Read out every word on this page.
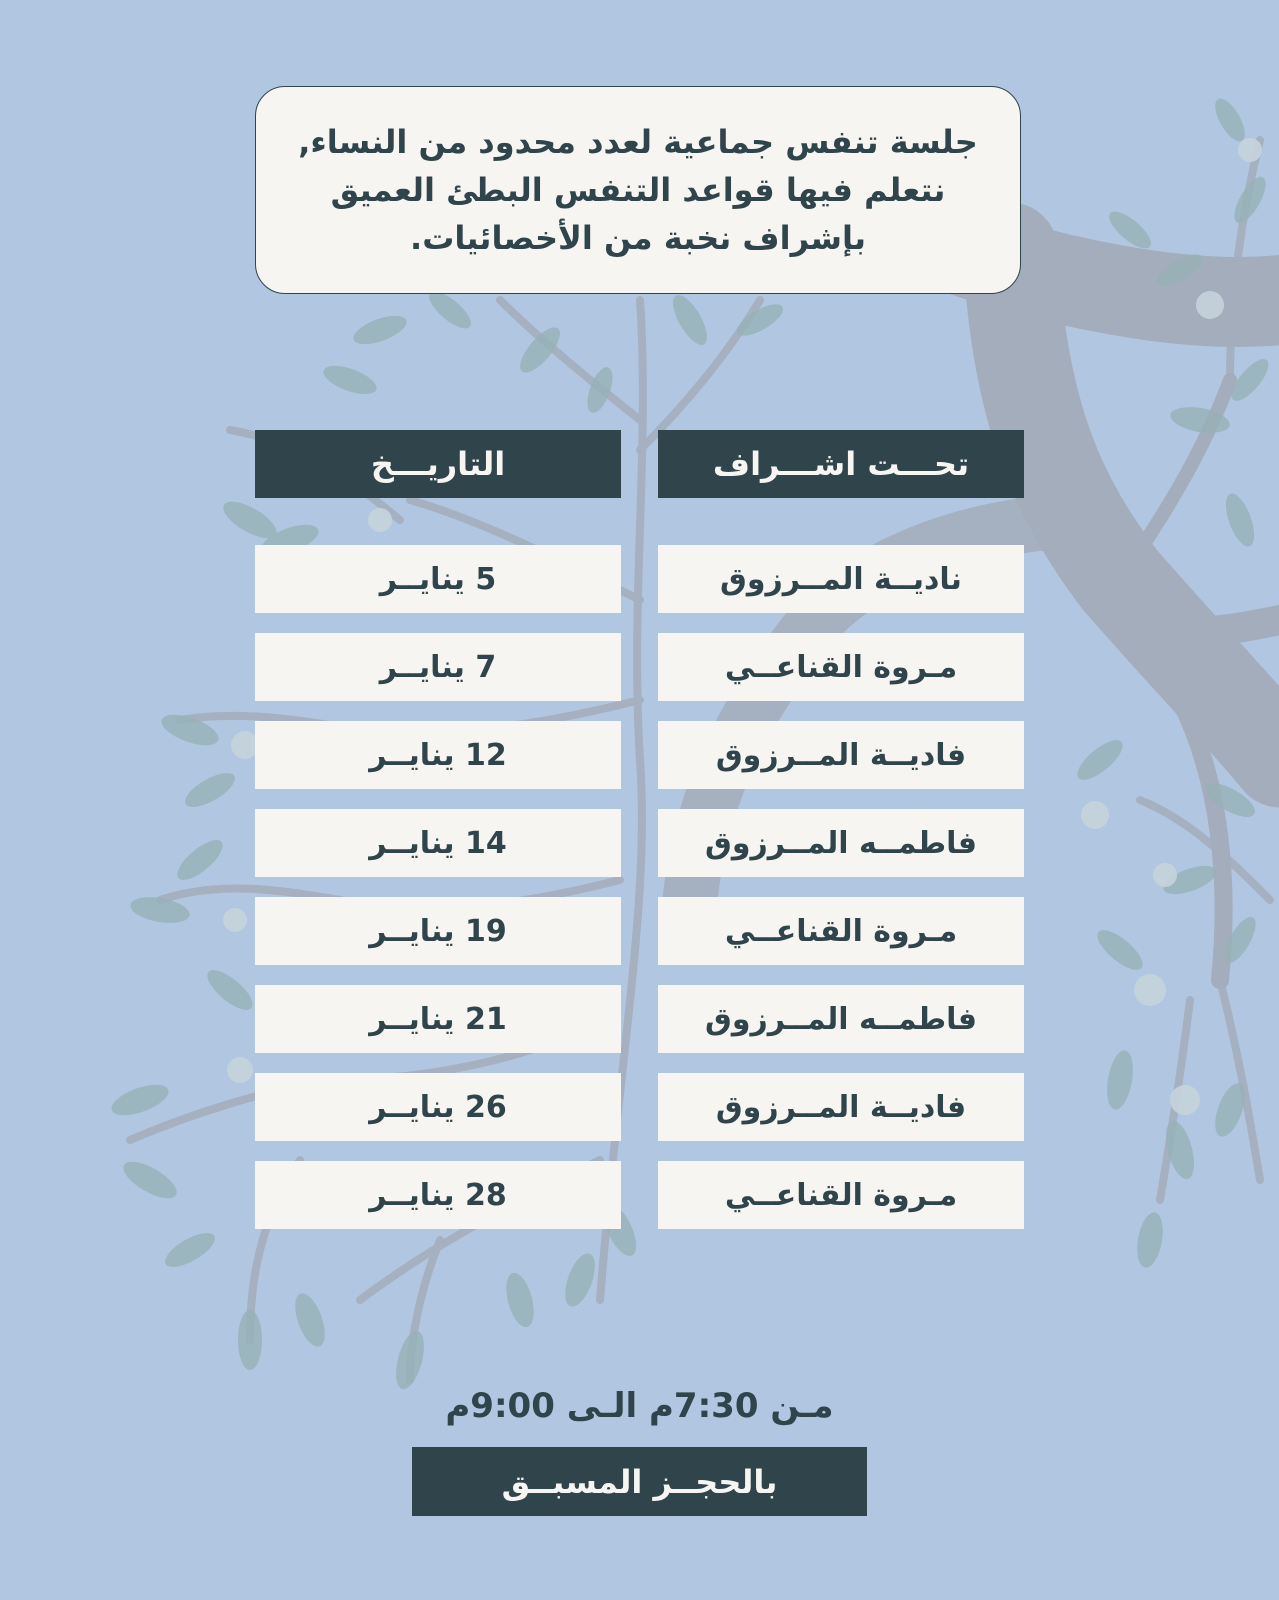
جلسة تنفس جماعية لعدد محدود من النساء,
نتعلم فيها قواعد التنفس البطئ العميق
بإشراف نخبة من الأخصائيات.
تحـــت اشـــراف
التاريـــخ
ناديــة المــرزوق
5 ينايــر
مـروة القناعــي
7 ينايــر
فاديــة المــرزوق
12 ينايــر
فاطمــه المــرزوق
14 ينايــر
مـروة القناعــي
19 ينايــر
فاطمــه المــرزوق
21 ينايــر
فاديــة المــرزوق
26 ينايــر
مـروة القناعــي
28 ينايــر
مـن 7:30م الـى 9:00م
بالحجــز المسبــق
